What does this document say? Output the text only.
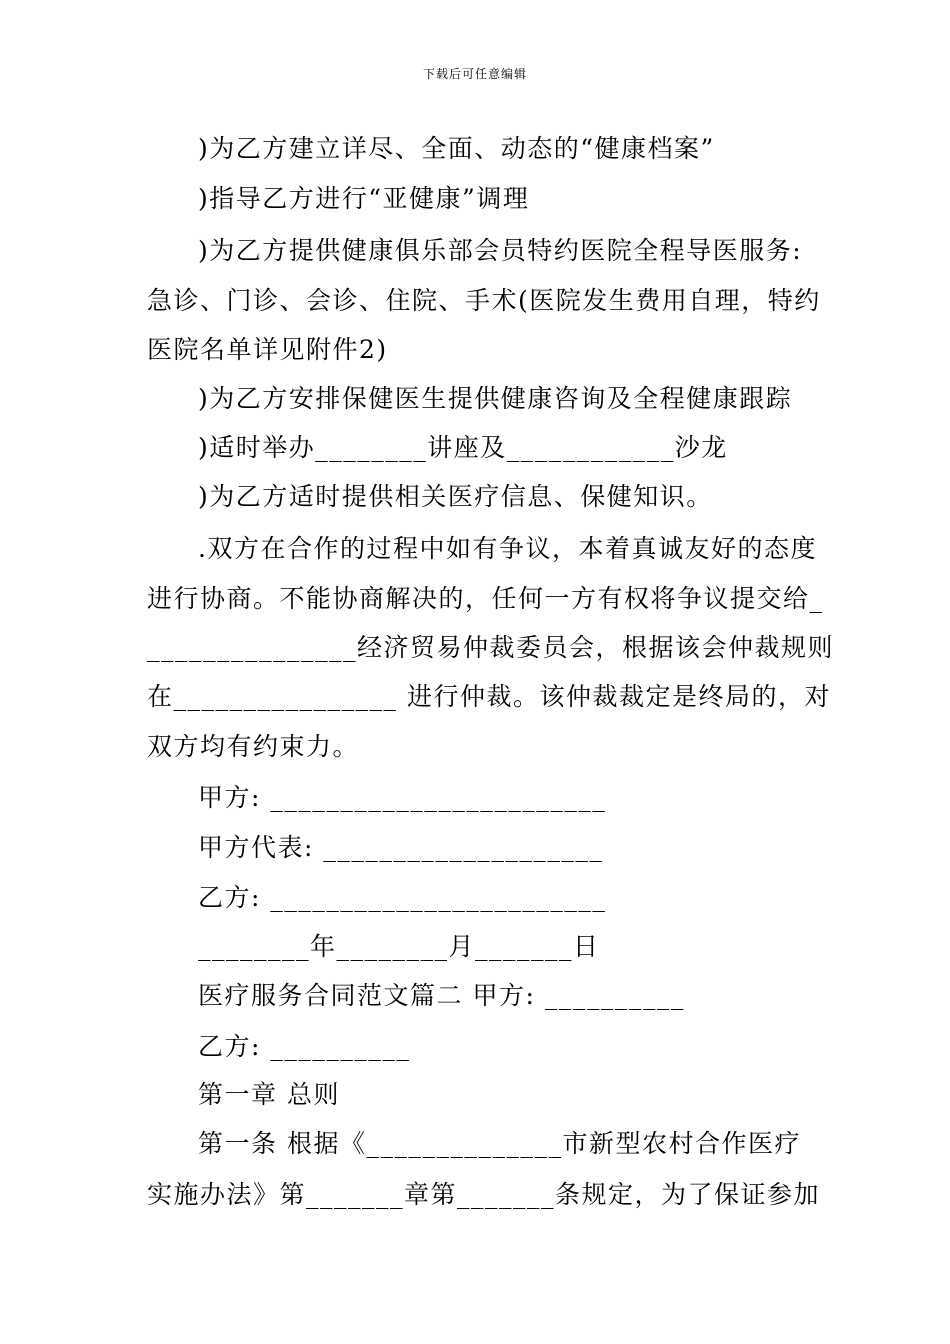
下载后可任意编辑
)为乙方建立详尽、全面、动态的“健康档案”
)指导乙方进行“亚健康”调理
)为乙方提供健康俱乐部会员特约医院全程导医服务:
急诊、门诊、会诊、住院、手术(医院发生费用自理，特约
医院名单详见附件2)
)为乙方安排保健医生提供健康咨询及全程健康跟踪
)适时举办________讲座及____________沙龙
)为乙方适时提供相关医疗信息、保健知识。
.双方在合作的过程中如有争议，本着真诚友好的态度
进行协商。不能协商解决的，任何一方有权将争议提交给_
_______________经济贸易仲裁委员会，根据该会仲裁规则
在________________ 进行仲裁。该仲裁裁定是终局的，对
双方均有约束力。
甲方: ________________________
甲方代表: ____________________
乙方: ________________________
________年________月_______日
医疗服务合同范文篇二 甲方: __________
乙方: __________
第一章 总则
第一条 根据《______________市新型农村合作医疗
实施办法》第_______章第_______条规定，为了保证参加
